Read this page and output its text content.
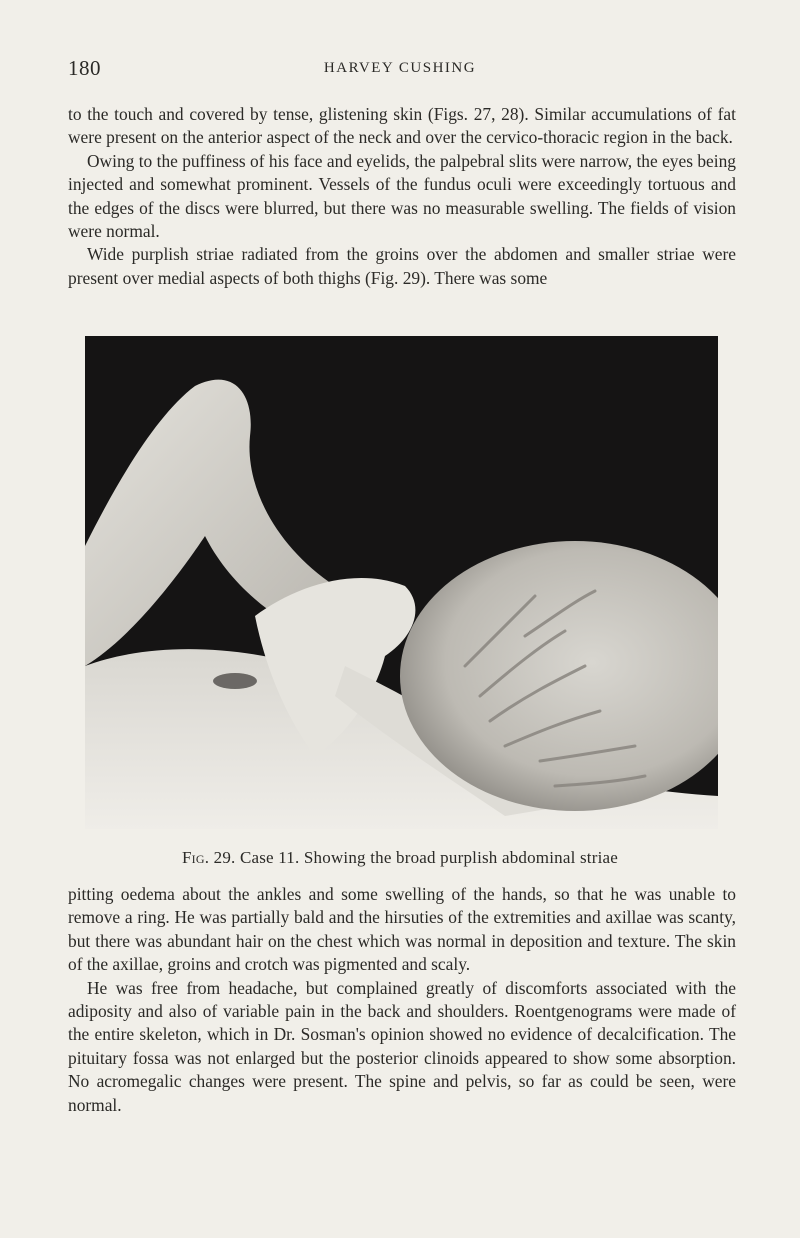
180	HARVEY CUSHING

to the touch and covered by tense, glistening skin (Figs. 27, 28). Similar accumulations of fat were present on the anterior aspect of the neck and over the cervico-thoracic region in the back.

Owing to the puffiness of his face and eyelids, the palpebral slits were narrow, the eyes being injected and somewhat prominent. Vessels of the fundus oculi were exceedingly tortuous and the edges of the discs were blurred, but there was no measurable swelling. The fields of vision were normal.

Wide purplish striae radiated from the groins over the abdomen and smaller striae were present over medial aspects of both thighs (Fig. 29). There was some

Fig. 29. Case 11. Showing the broad purplish abdominal striae

pitting oedema about the ankles and some swelling of the hands, so that he was unable to remove a ring. He was partially bald and the hirsuties of the extremities and axillae was scanty, but there was abundant hair on the chest which was normal in deposition and texture. The skin of the axillae, groins and crotch was pigmented and scaly.

He was free from headache, but complained greatly of discomforts associated with the adiposity and also of variable pain in the back and shoulders. Roentgenograms were made of the entire skeleton, which in Dr. Sosman's opinion showed no evidence of decalcification. The pituitary fossa was not enlarged but the posterior clinoids appeared to show some absorption. No acromegalic changes were present. The spine and pelvis, so far as could be seen, were normal.
